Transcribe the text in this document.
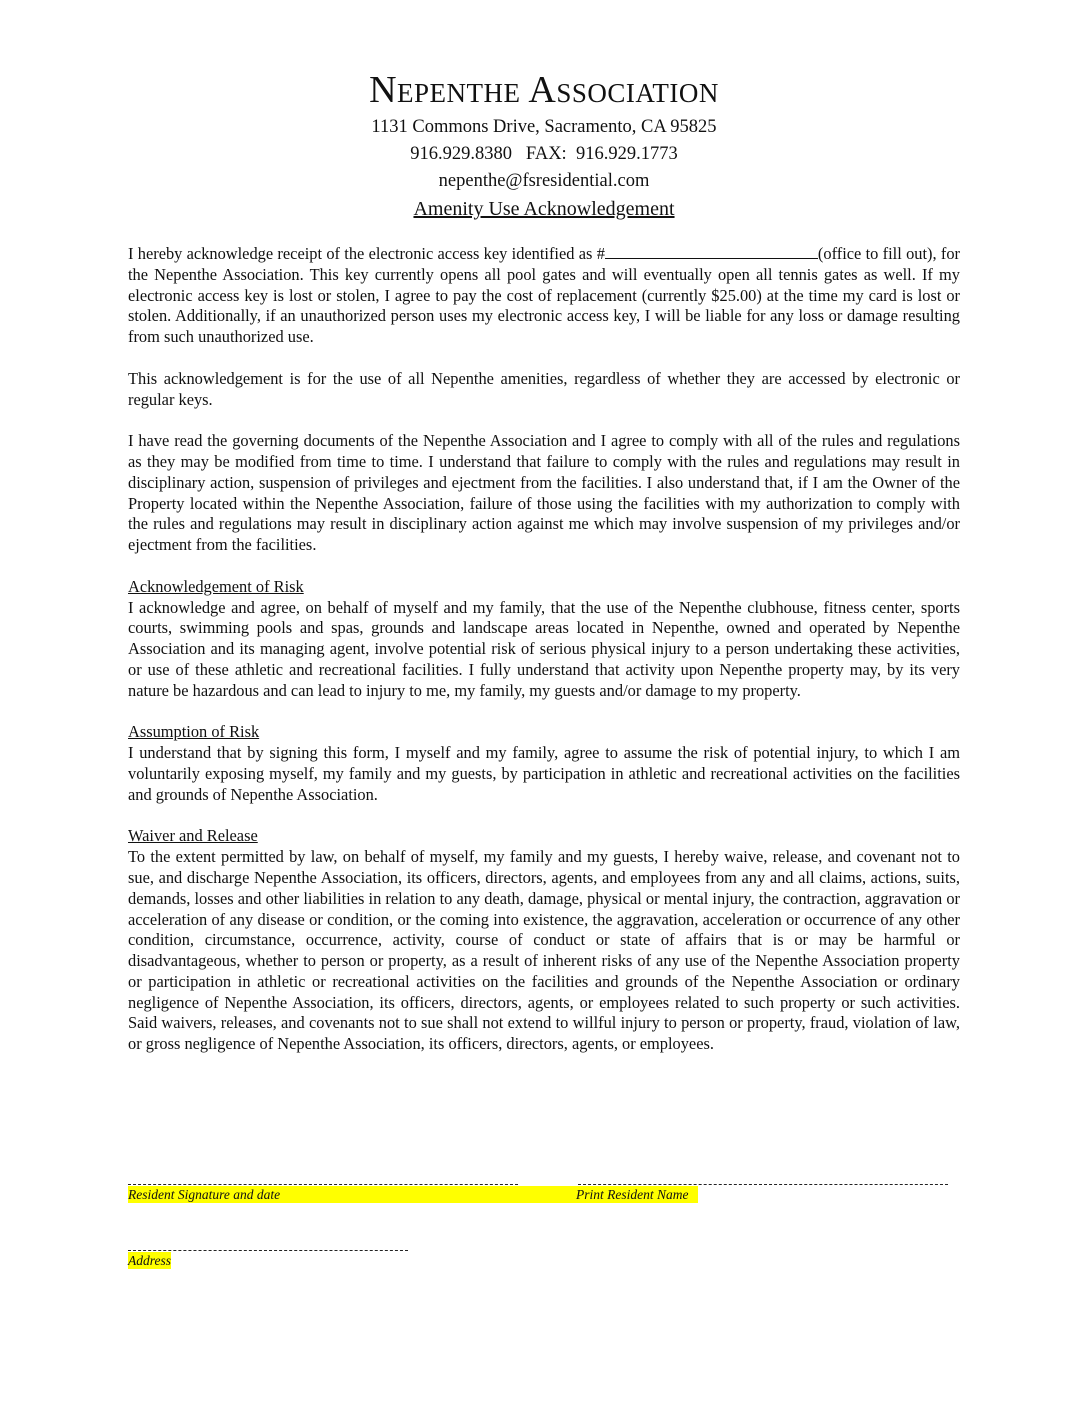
Nepenthe Association

1131 Commons Drive, Sacramento, CA 95825

916.929.8380   FAX:  916.929.1773

nepenthe@fsresidential.com

Amenity Use Acknowledgement

I hereby acknowledge receipt of the electronic access key identified as #	(office to fill out), for the Nepenthe Association. This key currently opens all pool gates and will eventually open all tennis gates as well. If my electronic access key is lost or stolen, I agree to pay the cost of replacement (currently $25.00) at the time my card is lost or stolen. Additionally, if an unauthorized person uses my electronic access key, I will be liable for any loss or damage resulting from such unauthorized use.

This acknowledgement is for the use of all Nepenthe amenities, regardless of whether they are accessed by electronic or regular keys.

I have read the governing documents of the Nepenthe Association and I agree to comply with all of the rules and regulations as they may be modified from time to time. I understand that failure to comply with the rules and regulations may result in disciplinary action, suspension of privileges and ejectment from the facilities. I also understand that, if I am the Owner of the Property located within the Nepenthe Association, failure of those using the facilities with my authorization to comply with the rules and regulations may result in disciplinary action against me which may involve suspension of my privileges and/or ejectment from the facilities.

Acknowledgement of Risk

I acknowledge and agree, on behalf of myself and my family, that the use of the Nepenthe clubhouse, fitness center, sports courts, swimming pools and spas, grounds and landscape areas located in Nepenthe, owned and operated by Nepenthe Association and its managing agent, involve potential risk of serious physical injury to a person undertaking these activities, or use of these athletic and recreational facilities. I fully understand that activity upon Nepenthe property may, by its very nature be hazardous and can lead to injury to me, my family, my guests and/or damage to my property.

Assumption of Risk

I understand that by signing this form, I myself and my family, agree to assume the risk of potential injury, to which I am voluntarily exposing myself, my family and my guests, by participation in athletic and recreational activities on the facilities and grounds of Nepenthe Association.

Waiver and Release

To the extent permitted by law, on behalf of myself, my family and my guests, I hereby waive, release, and covenant not to sue, and discharge Nepenthe Association, its officers, directors, agents, and employees from any and all claims, actions, suits, demands, losses and other liabilities in relation to any death, damage, physical or mental injury, the contraction, aggravation or acceleration of any disease or condition, or the coming into existence, the aggravation, acceleration or occurrence of any other condition, circumstance, occurrence, activity, course of conduct or state of affairs that is or may be harmful or disadvantageous, whether to person or property, as a result of inherent risks of any use of the Nepenthe Association property or participation in athletic or recreational activities on the facilities and grounds of the Nepenthe Association or ordinary negligence of Nepenthe Association, its officers, directors, agents, or employees related to such property or such activities. Said waivers, releases, and covenants not to sue shall not extend to willful injury to person or property, fraud, violation of law, or gross negligence of Nepenthe Association, its officers, directors, agents, or employees.

Resident Signature and date	Print Resident Name
Address
